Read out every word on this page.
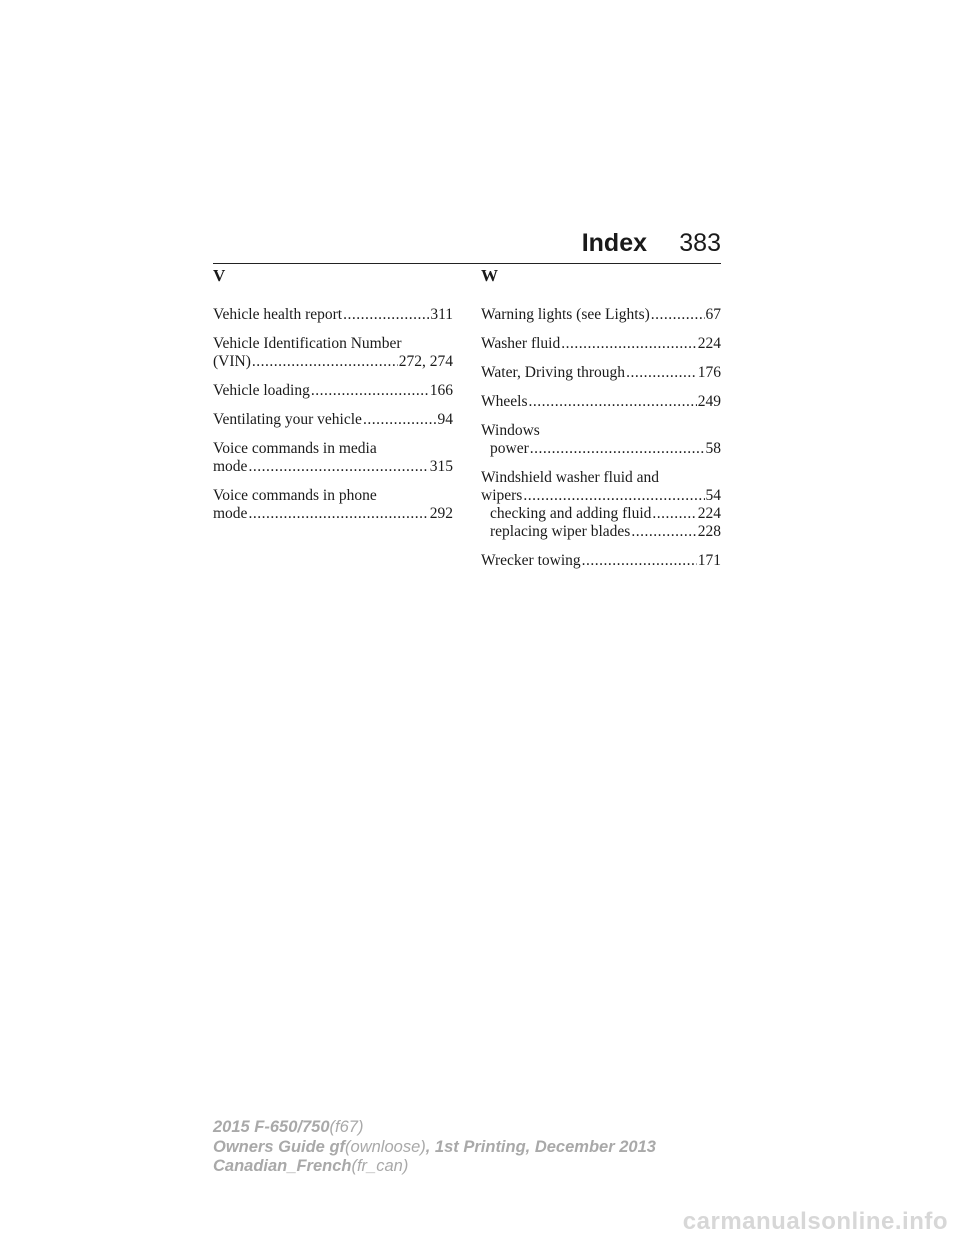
Index 383
V
Vehicle health report .....	311
Vehicle Identification Number
(VIN) .....	272, 274
Vehicle loading .....	166
Ventilating your vehicle .....	94
Voice commands in media
mode .....	315
Voice commands in phone
mode .....	292
W
Warning lights (see Lights) .....	67
Washer fluid .....	224
Water, Driving through .....	176
Wheels .....	249
Windows
power .....	58
Windshield washer fluid and
wipers .....	54
checking and adding fluid .....	224
replacing wiper blades .....	228
Wrecker towing .....	171
2015 F-650/750(f67)
Owners Guide gf(ownloose), 1st Printing, December 2013
Canadian_French(fr_can)
carmanualsonline.info
